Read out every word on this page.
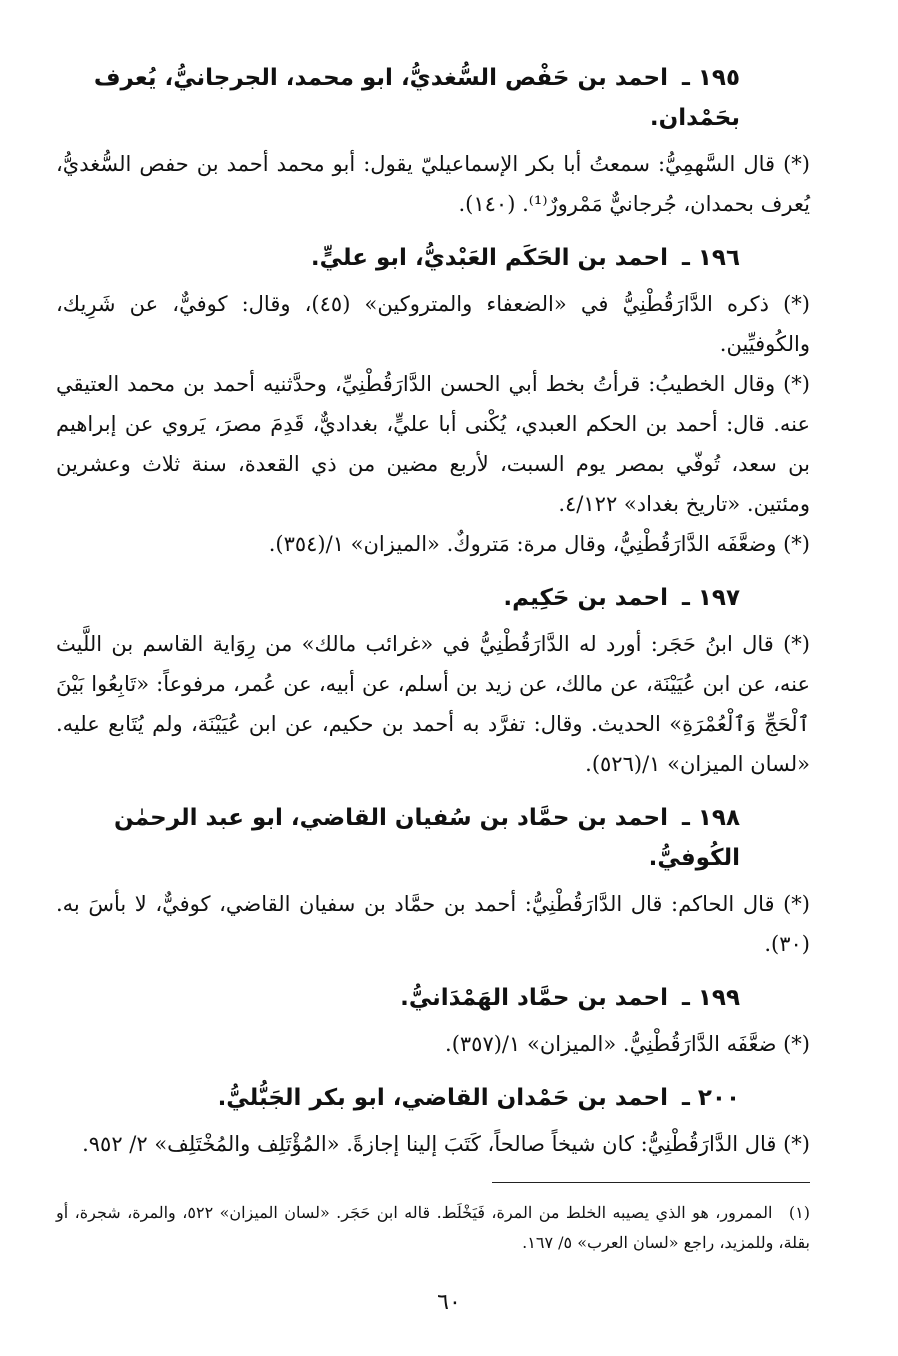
١٩٥ ـ احمد بن حَفْص السُّغديُّ، ابو محمد، الجرجانيُّ، يُعرف بحَمْدان.

(*) قال السَّهمِيُّ: سمعتُ أبا بكر الإسماعيليّ يقول: أبو محمد أحمد بن حفص السُّغديُّ، يُعرف بحمدان، جُرجانيٌّ مَمْرورٌ⁽¹⁾. (١٤٠).

١٩٦ ـ احمد بن الحَكَم العَبْديُّ، ابو عليٍّ.

(*) ذكره الدَّارَقُطْنِيُّ في «الضعفاء والمتروكين» (٤٥)، وقال: كوفيٌّ، عن شَرِيك، والكُوفيِّين.

(*) وقال الخطيبُ: قرأتُ بخط أبي الحسن الدَّارَقُطْنِيِّ، وحدَّثنيه أحمد بن محمد العتيقي عنه. قال: أحمد بن الحكم العبدي، يُكْنى أبا عليٍّ، بغداديٌّ، قَدِمَ مصرَ، يَروي عن إبراهيم بن سعد، تُوفّي بمصر يوم السبت، لأربع مضين من ذي القعدة، سنة ثلاث وعشرين ومئتين. «تاريخ بغداد» ٤/١٢٢.

(*) وضعَّفَه الدَّارَقُطْنِيُّ، وقال مرة: مَتروكٌ. «الميزان» ١/(٣٥٤).

١٩٧ ـ احمد بن حَكِيم.

(*) قال ابنُ حَجَر: أورد له الدَّارَقُطْنِيُّ في «غرائب مالك» من رِوَاية القاسم بن اللَّيث عنه، عن ابن عُيَيْنَة، عن مالك، عن زيد بن أسلم، عن أبيه، عن عُمر، مرفوعاً: «تَابِعُوا بَيْنَ ٱلْحَجِّ وَٱلْعُمْرَةِ» الحديث. وقال: تفرَّد به أحمد بن حكيم، عن ابن عُيَيْنَة، ولم يُتَابع عليه. «لسان الميزان» ١/(٥٢٦).

١٩٨ ـ احمد بن حمَّاد بن سُفيان القاضي، ابو عبد الرحمٰن الكُوفيُّ.

(*) قال الحاكم: قال الدَّارَقُطْنِيُّ: أحمد بن حمَّاد بن سفيان القاضي، كوفيٌّ، لا بأسَ به. (٣٠).

١٩٩ ـ احمد بن حمَّاد الهَمْدَانيُّ.

(*) ضعَّفَه الدَّارَقُطْنِيُّ. «الميزان» ١/(٣٥٧).

٢٠٠ ـ احمد بن حَمْدان القاضي، ابو بكر الجَبُّليُّ.

(*) قال الدَّارَقُطْنِيُّ: كان شيخاً صالحاً، كَتَبَ إلينا إجازةً. «المُؤْتَلِف والمُخْتَلِف» ٢/ ٩٥٢.

(١) الممرور، هو الذي يصيبه الخلط من المرة، فَيَخْلَط. قاله ابن حَجَر. «لسان الميزان» ٥٢٢، والمرة، شجرة، أو بقلة، وللمزيد، راجع «لسان العرب» ٥/ ١٦٧.
٦٠
